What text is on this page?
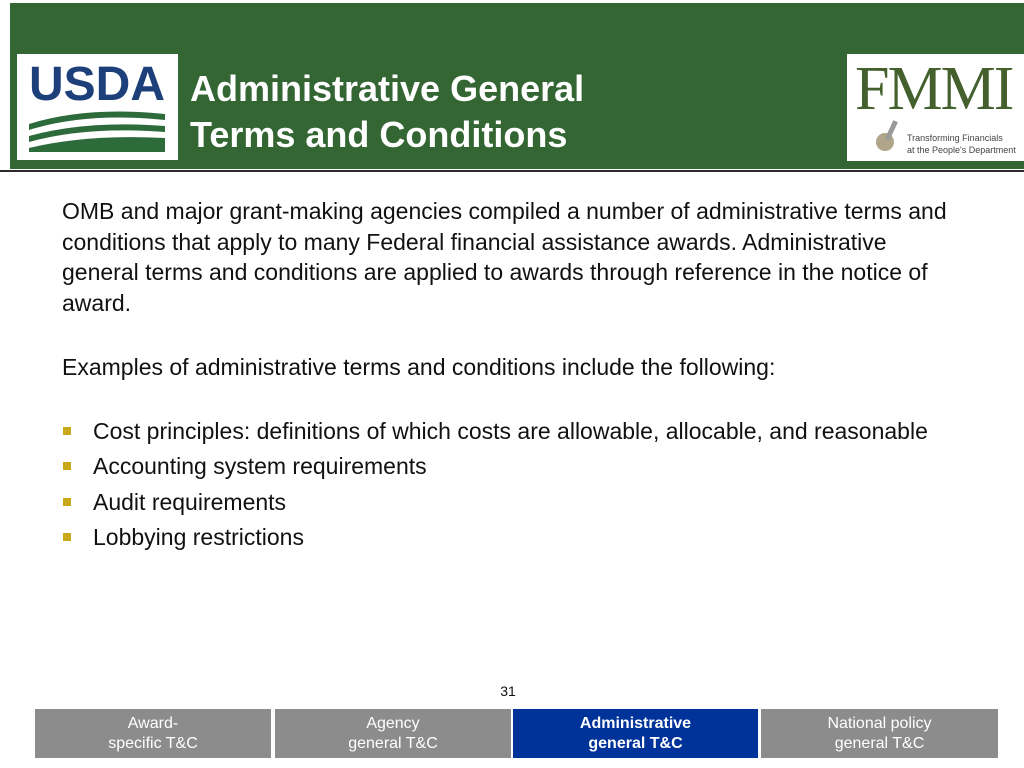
USDA Administrative General
Terms and Conditions
FMMI
Transforming Financials
at the People's Department

OMB and major grant-making agencies compiled a number of administrative terms and conditions that apply to many Federal financial assistance awards. Administrative general terms and conditions are applied to awards through reference in the notice of award.

Examples of administrative terms and conditions include the following:

Cost principles: definitions of which costs are allowable, allocable, and reasonable
Accounting system requirements
Audit requirements
Lobbying restrictions
31
Award-
specific T&C
Agency
general T&C
Administrative
general T&C
National policy
general T&C
